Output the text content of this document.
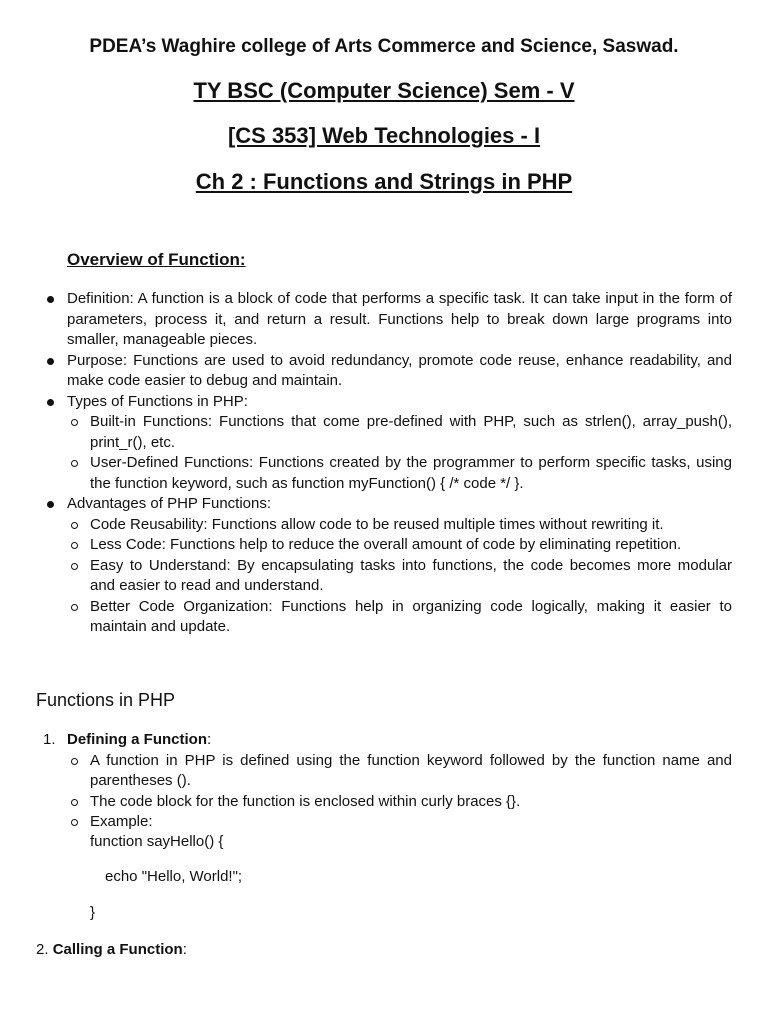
PDEA’s Waghire college of Arts Commerce and Science, Saswad.
TY BSC (Computer Science) Sem - V
[CS 353] Web Technologies - I
Ch 2 : Functions and Strings in PHP
Overview of Function:
Definition: A function is a block of code that performs a specific task. It can take input in the form of parameters, process it, and return a result. Functions help to break down large programs into smaller, manageable pieces.
Purpose: Functions are used to avoid redundancy, promote code reuse, enhance readability, and make code easier to debug and maintain.
Types of Functions in PHP:
Built-in Functions: Functions that come pre-defined with PHP, such as strlen(), array_push(), print_r(), etc.
User-Defined Functions: Functions created by the programmer to perform specific tasks, using the function keyword, such as function myFunction() { /* code */ }.
Advantages of PHP Functions:
Code Reusability: Functions allow code to be reused multiple times without rewriting it.
Less Code: Functions help to reduce the overall amount of code by eliminating repetition.
Easy to Understand: By encapsulating tasks into functions, the code becomes more modular and easier to read and understand.
Better Code Organization: Functions help in organizing code logically, making it easier to maintain and update.
Functions in PHP
1. Defining a Function:
A function in PHP is defined using the function keyword followed by the function name and parentheses ().
The code block for the function is enclosed within curly braces {}.
Example:
function sayHello() {
echo "Hello, World!";
}
2. Calling a Function:
